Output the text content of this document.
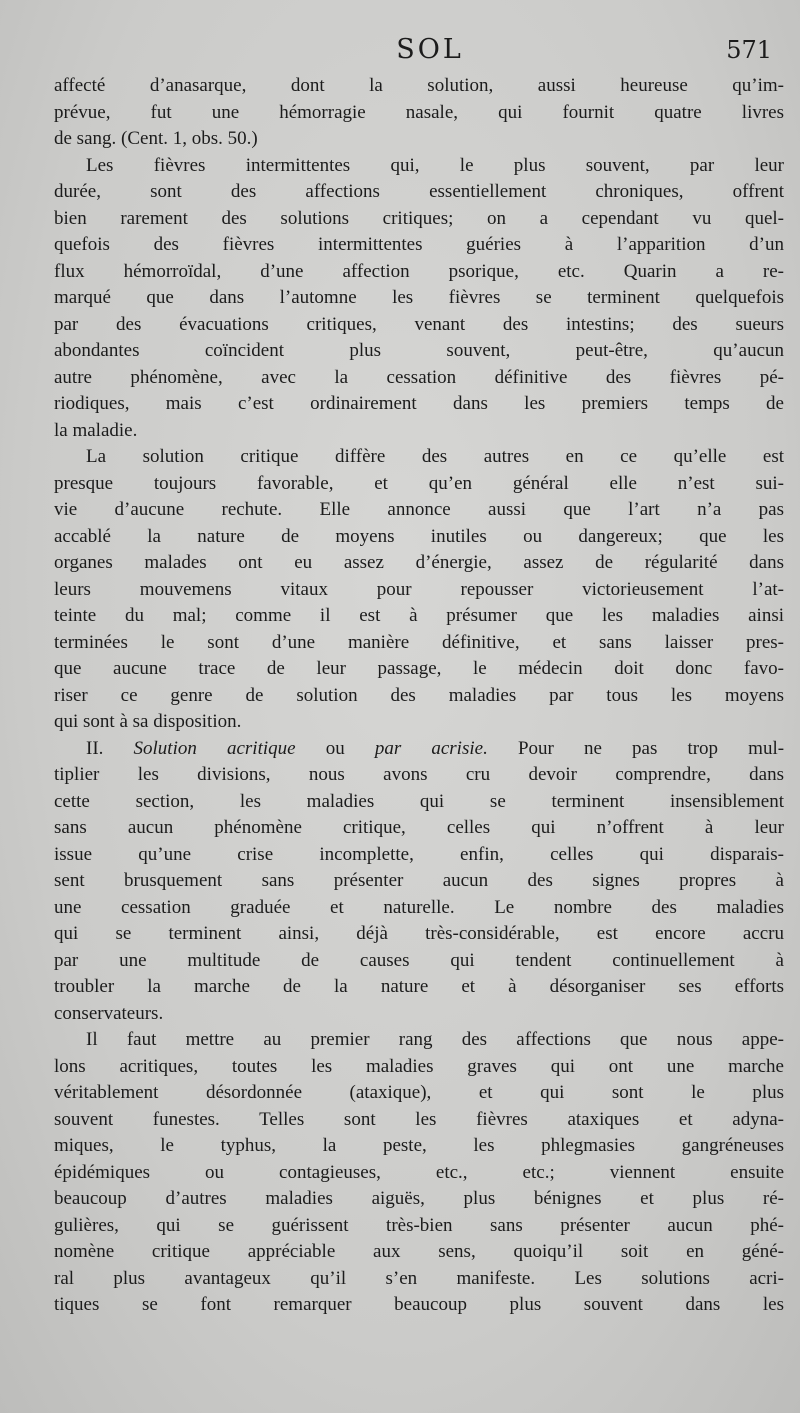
SOL	571

affecté d’anasarque, dont la solution, aussi heureuse qu’im-
prévue, fut une hémorragie nasale, qui fournit quatre livres
de sang. (Cent. 1, obs. 50.)

Les fièvres intermittentes qui, le plus souvent, par leur
durée, sont des affections essentiellement chroniques, offrent
bien rarement des solutions critiques; on a cependant vu quel-
quefois des fièvres intermittentes guéries à l’apparition d’un
flux hémorroïdal, d’une affection psorique, etc. Quarin a re-
marqué que dans l’automne les fièvres se terminent quelquefois
par des évacuations critiques, venant des intestins; des sueurs
abondantes coïncident plus souvent, peut-être, qu’aucun
autre phénomène, avec la cessation définitive des fièvres pé-
riodiques, mais c’est ordinairement dans les premiers temps de
la maladie.

La solution critique diffère des autres en ce qu’elle est
presque toujours favorable, et qu’en général elle n’est sui-
vie d’aucune rechute. Elle annonce aussi que l’art n’a pas
accablé la nature de moyens inutiles ou dangereux; que les
organes malades ont eu assez d’énergie, assez de régularité dans
leurs mouvemens vitaux pour repousser victorieusement l’at-
teinte du mal; comme il est à présumer que les maladies ainsi
terminées le sont d’une manière définitive, et sans laisser pres-
que aucune trace de leur passage, le médecin doit donc favo-
riser ce genre de solution des maladies par tous les moyens
qui sont à sa disposition.

II. Solution acritique ou par acrisie. Pour ne pas trop mul-
tiplier les divisions, nous avons cru devoir comprendre, dans
cette section, les maladies qui se terminent insensiblement
sans aucun phénomène critique, celles qui n’offrent à leur
issue qu’une crise incomplette, enfin, celles qui disparais-
sent brusquement sans présenter aucun des signes propres à
une cessation graduée et naturelle. Le nombre des maladies
qui se terminent ainsi, déjà très-considérable, est encore accru
par une multitude de causes qui tendent continuellement à
troubler la marche de la nature et à désorganiser ses efforts
conservateurs.

Il faut mettre au premier rang des affections que nous appe-
lons acritiques, toutes les maladies graves qui ont une marche
véritablement désordonnée (ataxique), et qui sont le plus
souvent funestes. Telles sont les fièvres ataxiques et adyna-
miques, le typhus, la peste, les phlegmasies gangréneuses
épidémiques ou contagieuses, etc., etc.; viennent ensuite
beaucoup d’autres maladies aiguës, plus bénignes et plus ré-
gulières, qui se guérissent très-bien sans présenter aucun phé-
nomène critique appréciable aux sens, quoiqu’il soit en géné-
ral plus avantageux qu’il s’en manifeste. Les solutions acri-
tiques se font remarquer beaucoup plus souvent dans les
